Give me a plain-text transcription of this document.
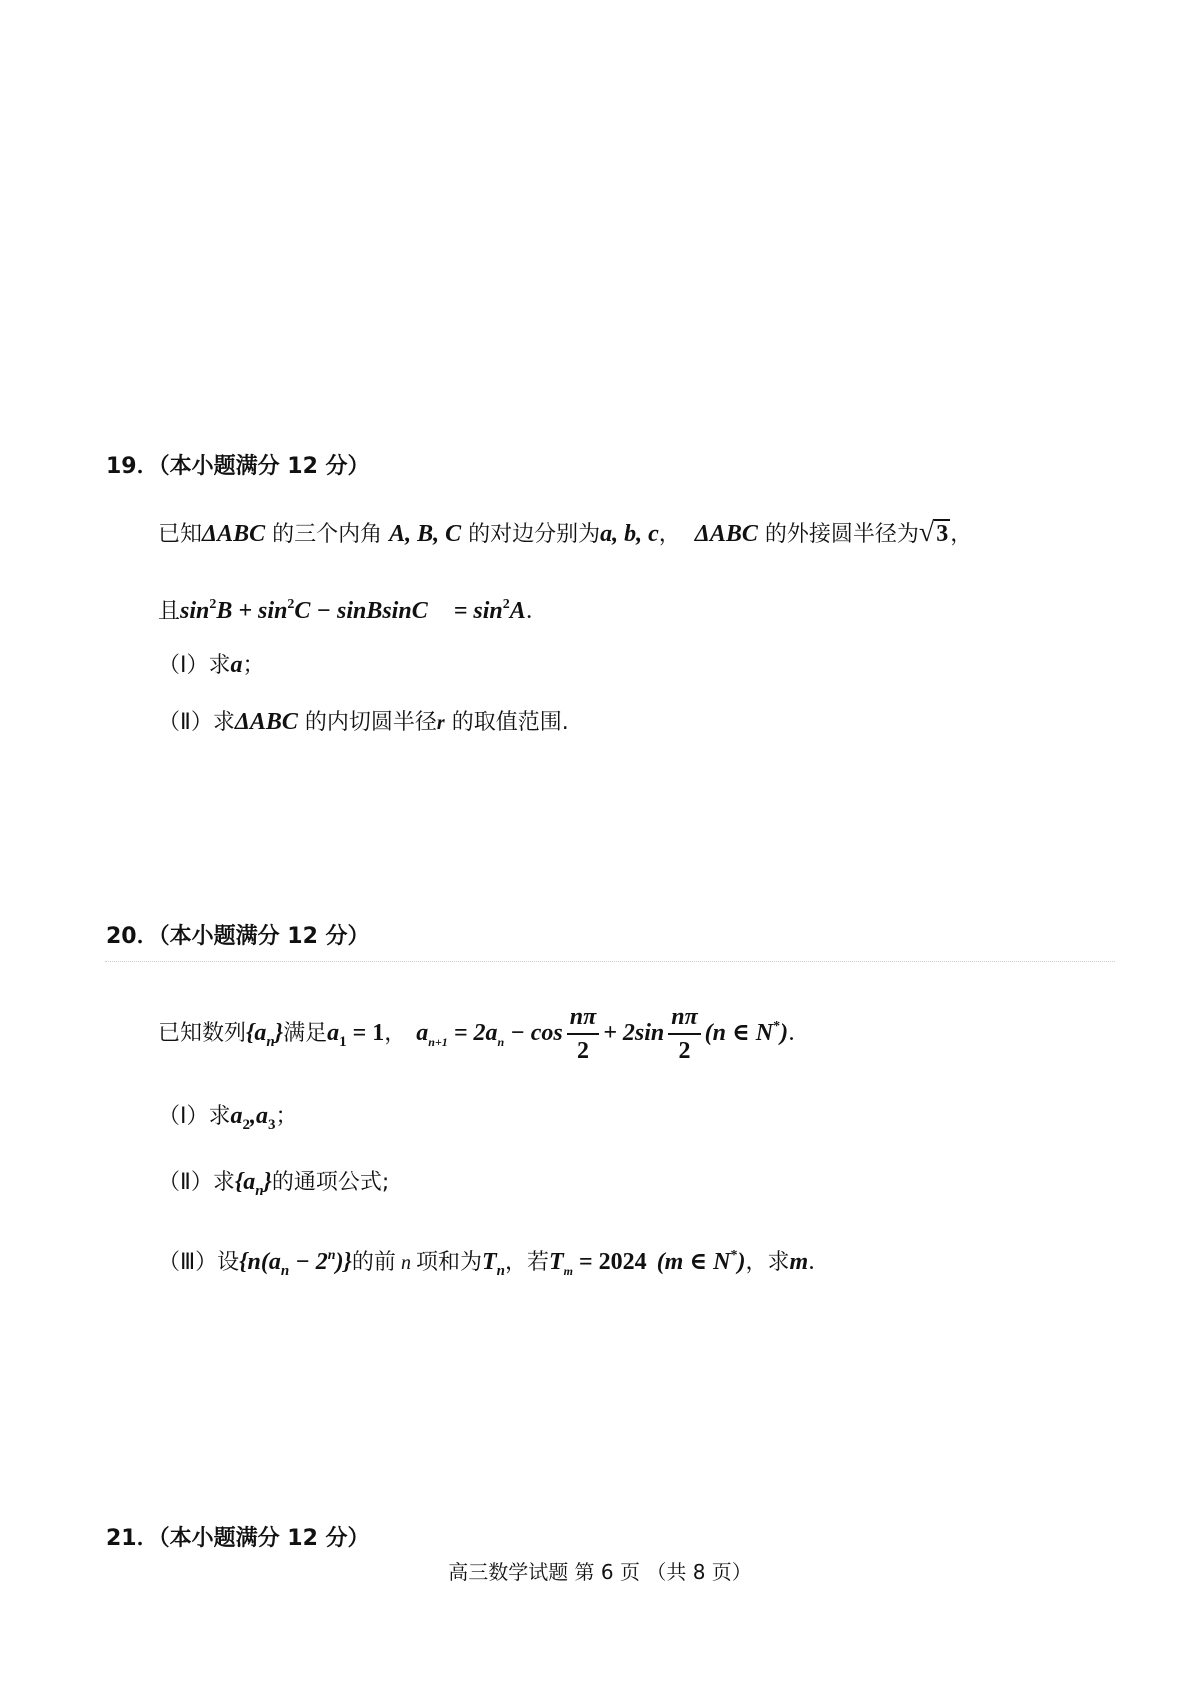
19．（本小题满分 12 分）
已知ΔABC 的三个内角 A, B, C 的对边分别为a, b, c， ΔABC 的外接圆半径为√3，
且$\sin^2B + \sin^2C$ − sinBsinC = $\sin^2A$．
（Ⅰ）求a；
（Ⅱ）求ΔABC 的内切圆半径r 的取值范围.
20．（本小题满分 12 分）
已知数列$\{a_n\}$满足$a_1 = 1$， $a_{n+1} = 2a_n - \cos \frac{n\pi}{2} + 2\sin \frac{n\pi}{2} (n$ ∈ N*)．
（Ⅰ）求$a_2,a_3$；
（Ⅱ）求$\{a_n\}$的通项公式;
（Ⅲ）设$\{n(a_n - 2^n)\}$的前 n 项和为$T_n$，若$T_m = 2024$ (m ∈ N*)，求m．
21．（本小题满分 12 分）
高三数学试题 第 6 页 （共 8 页）
